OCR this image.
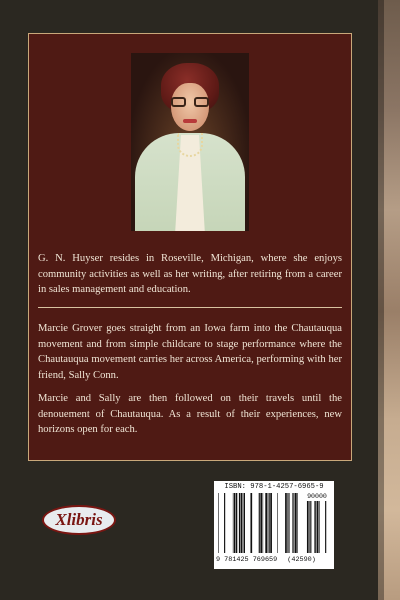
G. N. Huyser resides in Roseville, Michigan, where she enjoys community activities as well as her writing, after retiring from a career in sales management and education.

Marcie Grover goes straight from an Iowa farm into the Chautauqua movement and from simple childcare to stage performance where the Chautauqua movement carries her across America, performing with her friend, Sally Conn.

Marcie and Sally are then followed on their travels until the denouement of Chautauqua. As a result of their experiences, new horizons open for each.

Xlibris
ISBN: 978-1-4257-6965-9
90000
9 781425 769659 (42590)
